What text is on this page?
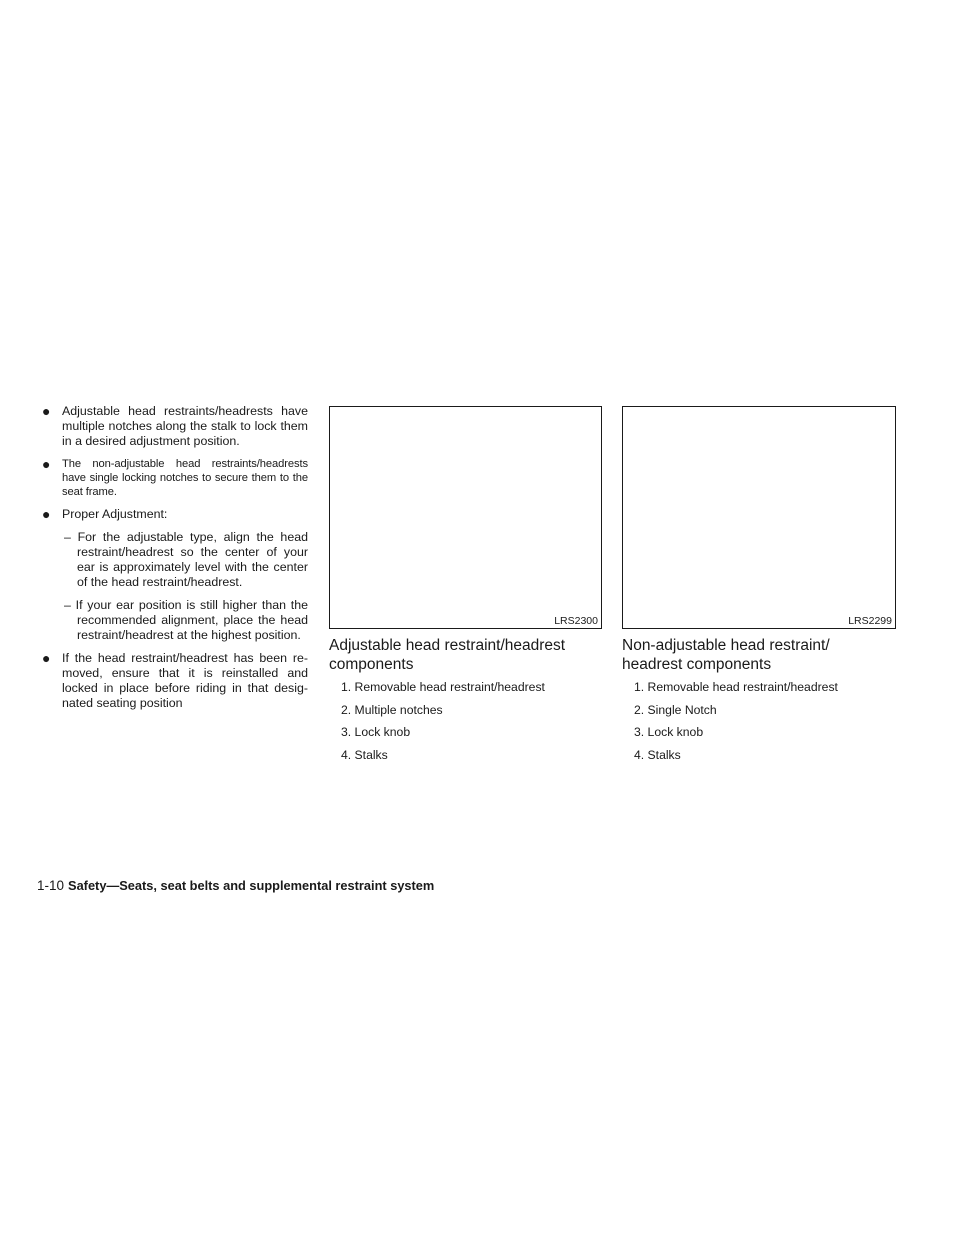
● Adjustable head restraints/headrests have multiple notches along the stalk to lock them in a desired adjustment position.
● The non-adjustable head restraints/headrests have single locking notches to secure them to the seat frame.
● Proper Adjustment:
– For the adjustable type, align the head restraint/headrest so the center of your ear is approximately level with the center of the head restraint/headrest.
– If your ear position is still higher than the recommended alignment, place the head restraint/headrest at the highest position.
● If the head restraint/headrest has been re-moved, ensure that it is reinstalled and locked in place before riding in that desig-nated seating position
LRS2300
Adjustable head restraint/headrest
components
1. Removable head restraint/headrest
2. Multiple notches
3. Lock knob
4. Stalks
LRS2299
Non-adjustable head restraint/
headrest components
1. Removable head restraint/headrest
2. Single Notch
3. Lock knob
4. Stalks
1-10 Safety—Seats, seat belts and supplemental restraint system
